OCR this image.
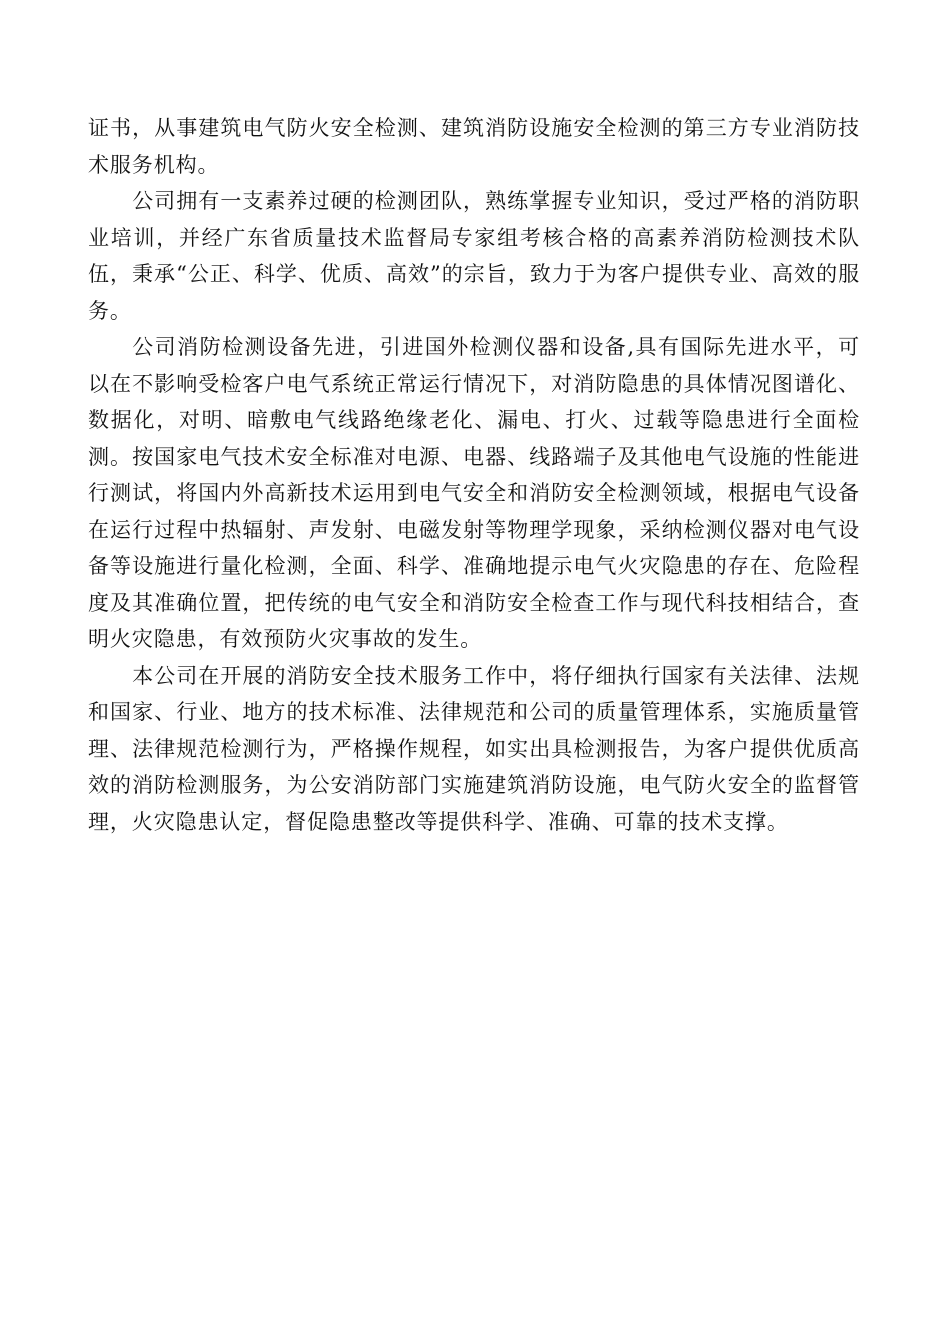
证书，从事建筑电气防火安全检测、建筑消防设施安全检测的第三方专业消防技术服务机构。

公司拥有一支素养过硬的检测团队，熟练掌握专业知识，受过严格的消防职业培训，并经广东省质量技术监督局专家组考核合格的高素养消防检测技术队伍，秉承“公正、科学、优质、高效”的宗旨，致力于为客户提供专业、高效的服务。

公司消防检测设备先进，引进国外检测仪器和设备,具有国际先进水平，可以在不影响受检客户电气系统正常运行情况下，对消防隐患的具体情况图谱化、数据化，对明、暗敷电气线路绝缘老化、漏电、打火、过载等隐患进行全面检测。按国家电气技术安全标准对电源、电器、线路端子及其他电气设施的性能进行测试，将国内外高新技术运用到电气安全和消防安全检测领域，根据电气设备在运行过程中热辐射、声发射、电磁发射等物理学现象，采纳检测仪器对电气设备等设施进行量化检测，全面、科学、准确地提示电气火灾隐患的存在、危险程度及其准确位置，把传统的电气安全和消防安全检查工作与现代科技相结合，查明火灾隐患，有效预防火灾事故的发生。

本公司在开展的消防安全技术服务工作中，将仔细执行国家有关法律、法规和国家、行业、地方的技术标准、法律规范和公司的质量管理体系，实施质量管理、法律规范检测行为，严格操作规程，如实出具检测报告，为客户提供优质高效的消防检测服务，为公安消防部门实施建筑消防设施，电气防火安全的监督管理，火灾隐患认定，督促隐患整改等提供科学、准确、可靠的技术支撑。
